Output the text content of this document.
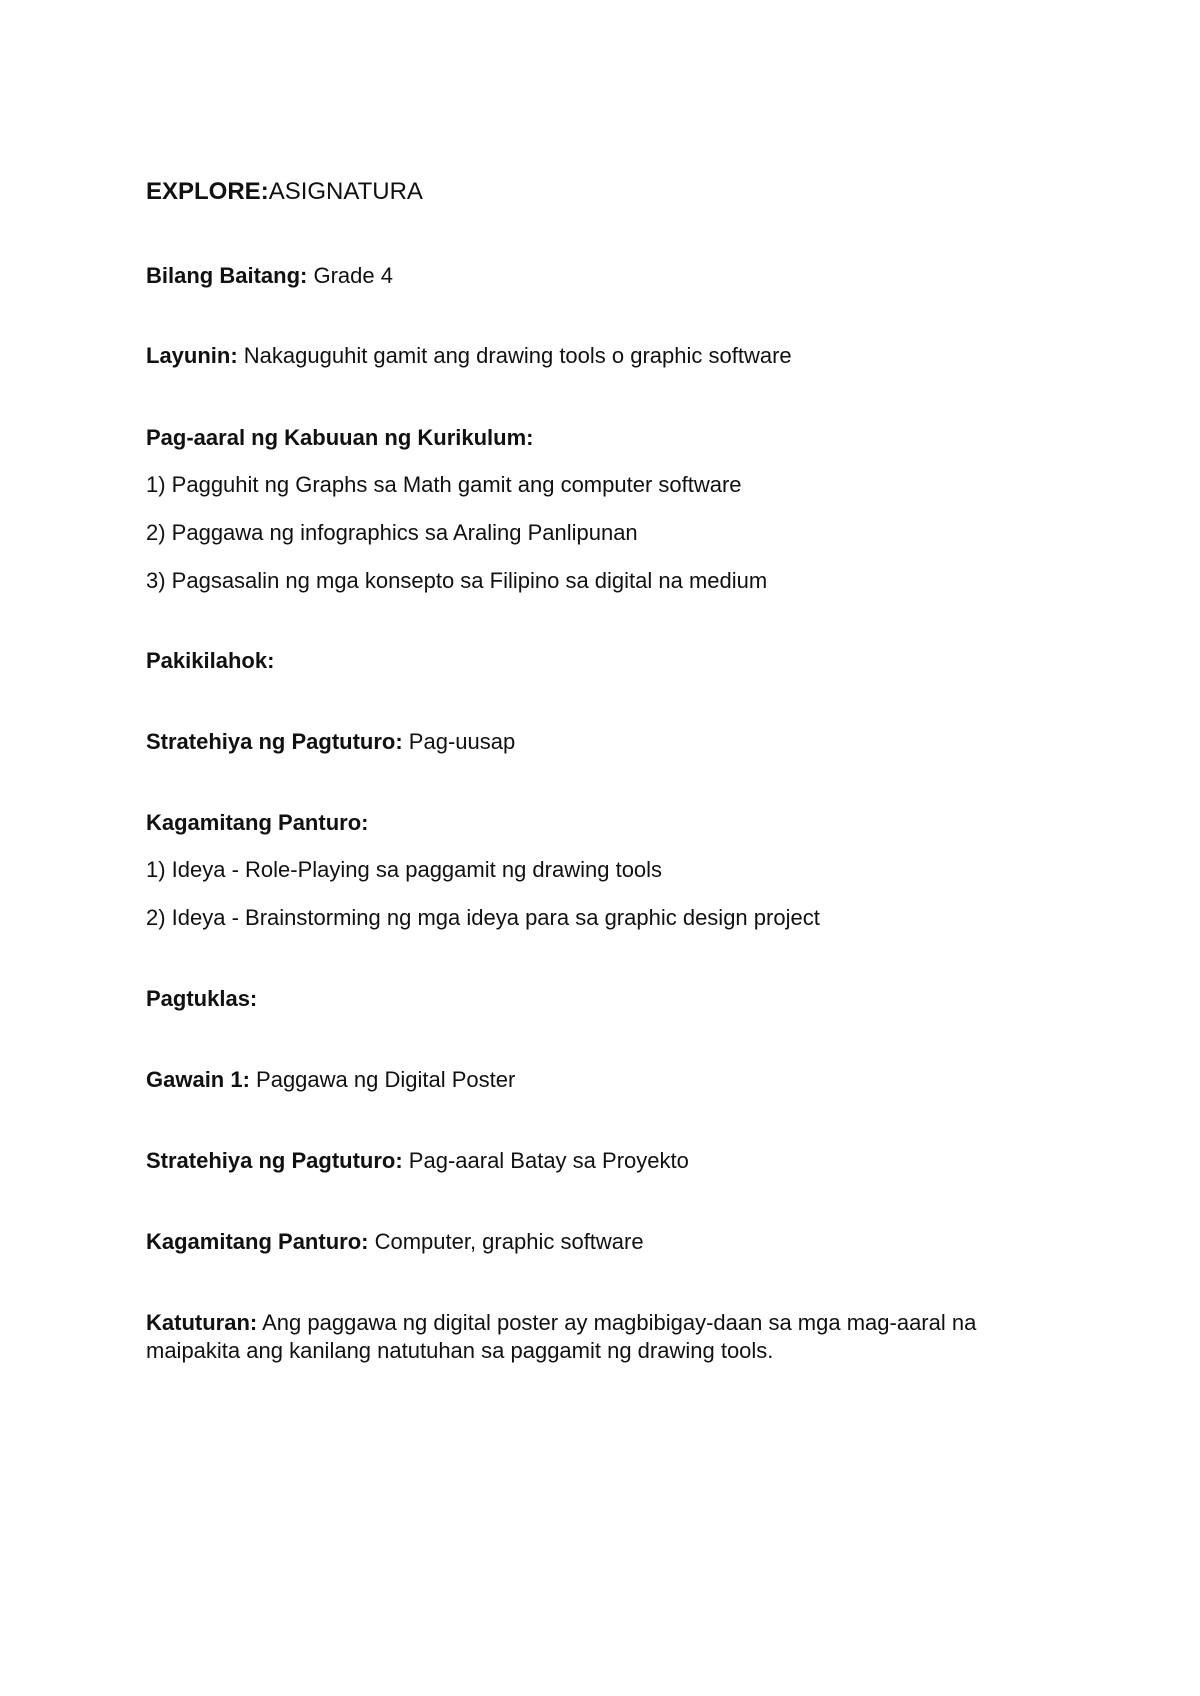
EXPLORE:ASIGNATURA
Bilang Baitang: Grade 4
Layunin: Nakaguguhit gamit ang drawing tools o graphic software
Pag-aaral ng Kabuuan ng Kurikulum:
1) Pagguhit ng Graphs sa Math gamit ang computer software
2) Paggawa ng infographics sa Araling Panlipunan
3) Pagsasalin ng mga konsepto sa Filipino sa digital na medium
Pakikilahok:
Stratehiya ng Pagtuturo: Pag-uusap
Kagamitang Panturo:
1) Ideya - Role-Playing sa paggamit ng drawing tools
2) Ideya - Brainstorming ng mga ideya para sa graphic design project
Pagtuklas:
Gawain 1: Paggawa ng Digital Poster
Stratehiya ng Pagtuturo: Pag-aaral Batay sa Proyekto
Kagamitang Panturo: Computer, graphic software
Katuturan: Ang paggawa ng digital poster ay magbibigay-daan sa mga mag-aaral na maipakita ang kanilang natutuhan sa paggamit ng drawing tools.
